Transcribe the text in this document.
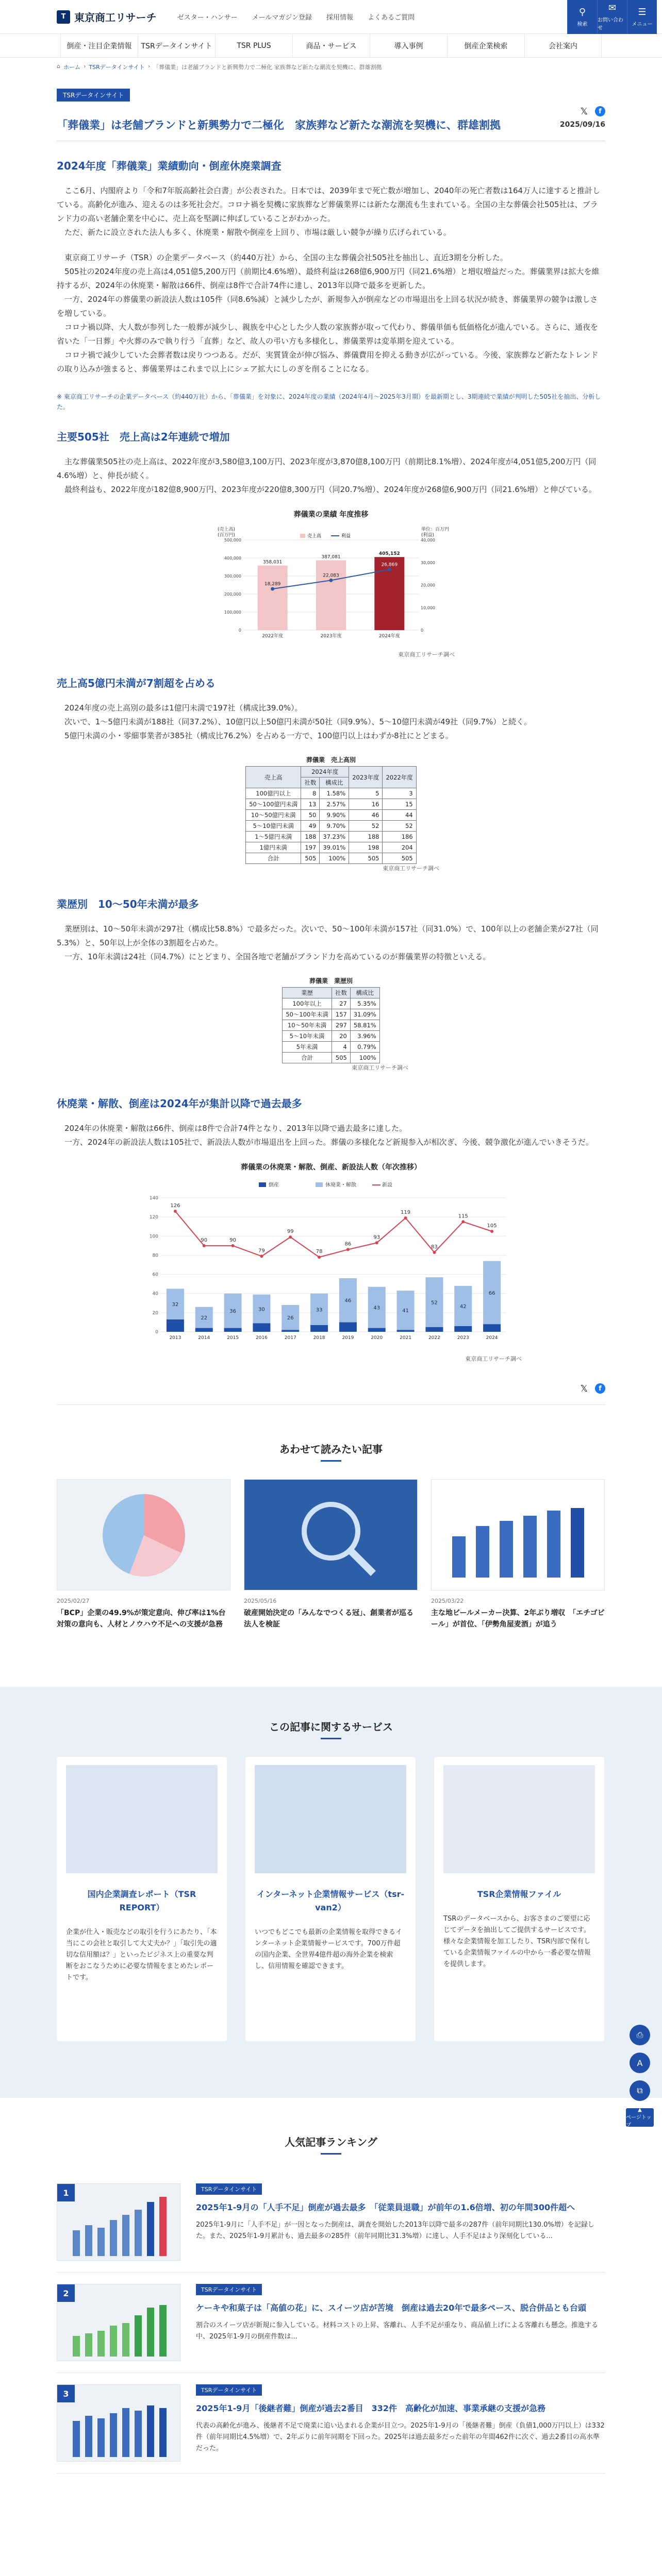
T 東京商工リサーチ	ゼスター・ハンサー メールマガジン登録 採用情報 よくあるご質問
⚲
検索
✉
お問い合わせ
☰
メニュー
倒産・注目企業情報	TSRデータインサイト	TSR PLUS	商品・サービス	導入事例	倒産企業検索	会社案内
⌂ ホーム › TSRデータインサイト › 「葬儀業」は老舗ブランドと新興勢力で二極化 家族葬など新たな潮流を契機に、群雄割拠
𝕏	f
TSRデータインサイト
「葬儀業」は老舗ブランドと新興勢力で二極化　家族葬など新たな潮流を契機に、群雄割拠	2025/09/16
2024年度「葬儀業」業績動向・倒産休廃業調査

　ここ6月、内閣府より「令和7年版高齢社会白書」が公表された。日本では、2039年まで死亡数が増加し、2040年の死亡者数は164万人に達すると推計している。高齢化が進み、迎えるのは多死社会だ。コロナ禍を契機に家族葬など葬儀業界には新たな潮流も生まれている。全国の主な葬儀会社505社は、ブランド力の高い老舗企業を中心に、売上高を堅調に伸ばしていることがわかった。

　ただ、新たに設立された法人も多く、休廃業・解散や倒産を上回り、市場は厳しい競争が繰り広げられている。

　東京商工リサーチ（TSR）の企業データベース（約440万社）から、全国の主な葬儀会社505社を抽出し、直近3期を分析した。

　505社の2024年度の売上高は4,051億5,200万円（前期比4.6%増）、最終利益は268億6,900万円（同21.6%増）と増収増益だった。葬儀業界は拡大を維持するが、2024年の休廃業・解散は66件、倒産は8件で合計74件に達し、2013年以降で最多を更新した。

　一方、2024年の葬儀業の新設法人数は105件（同8.6%減）と減少したが、新規参入が倒産などの市場退出を上回る状況が続き、葬儀業界の競争は激しさを増している。

　コロナ禍以降、大人数が参列した一般葬が減少し、親族を中心とした少人数の家族葬が取って代わり、葬儀単価も低価格化が進んでいる。さらに、通夜を省いた「一日葬」や火葬のみで執り行う「直葬」など、故人の弔い方も多様化し、葬儀業界は変革期を迎えている。

　コロナ禍で減少していた会葬者数は戻りつつある。だが、実質賃金が伸び悩み、葬儀費用を抑える動きが広がっている。今後、家族葬など新たなトレンドの取り込みが強まると、葬儀業界はこれまで以上にシェア拡大にしのぎを削ることになる。

※ 東京商工リサーチの企業データベース（約440万社）から、「葬儀業」を対象に、2024年度の業績（2024年4月〜2025年3月期）を最新期とし、3期連続で業績が判明した505社を抽出、分析した。

主要505社　売上高は2年連続で増加

　主な葬儀業505社の売上高は、2022年度が3,580億3,100万円、2023年度が3,870億8,100万円（前期比8.1%増）、2024年度が4,051億5,200万円（同4.6%増）と、伸長が続く。

　最終利益も、2022年度が182億8,900万円、2023年度が220億8,300万円（同20.7%増）、2024年度が268億6,900万円（同21.6%増）と伸びている。

葬儀業の業績 年度推移
(売上高)
(百万円)
単位：百万円
(利益)
0
100,000
200,000
300,000
400,000
500,000
0
10,000
20,000
30,000
40,000
売上高	利益
358,031
2022年度
387,081
2023年度
405,152
2024年度
18,289
22,083
26,869
東京商工リサーチ調べ
売上高5億円未満が7割超を占める

　2024年度の売上高別の最多は1億円未満で197社（構成比39.0%）。

　次いで、1〜5億円未満が188社（同37.2%）、10億円以上50億円未満が50社（同9.9%）、5〜10億円未満が49社（同9.7%）と続く。

　5億円未満の小・零細事業者が385社（構成比76.2%）を占める一方で、100億円以上はわずか8社にとどまる。

葬儀業　売上高別
売上高	2024年度		2023年度	2022年度
	社数	構成比		
100億円以上	8	1.58%	5	3
50〜100億円未満	13	2.57%	16	15
10〜50億円未満	50	9.90%	46	44
5〜10億円未満	49	9.70%	52	52
1〜5億円未満	188	37.23%	188	186
1億円未満	197	39.01%	198	204
合計	505	100%	505	505
東京商工リサーチ調べ
業歴別　10〜50年未満が最多

　業歴別は、10〜50年未満が297社（構成比58.8%）で最多だった。次いで、50〜100年未満が157社（同31.0%）で、100年以上の老舗企業が27社（同5.3%）と、50年以上が全体の3割超を占めた。

　一方、10年未満は24社（同4.7%）にとどまり、全国各地で老舗がブランド力を高めているのが葬儀業界の特徴といえる。

葬儀業　業歴別
業歴	社数	構成比
100年以上	27	5.35%
50〜100年未満	157	31.09%
10〜50年未満	297	58.81%
5〜10年未満	20	3.96%
5年未満	4	0.79%
合計	505	100%
東京商工リサーチ調べ
休廃業・解散、倒産は2024年が集計以降で過去最多

　2024年の休廃業・解散は66件、倒産は8件で合計74件となり、2013年以降で過去最多に達した。

　一方、2024年の新設法人数は105社で、新設法人数が市場退出を上回った。葬儀の多様化など新規参入が相次ぎ、今後、競争激化が進んでいきそうだ。

葬儀業の休廃業・解散、倒産、新設法人数（年次推移）
0
20
40
60
80
100
120
140
倒産	休廃業・解散	新設
32
2013
22
2014
36
2015
30
2016
26
2017
33
2018
46
2019
43
2020
41
2021
52
2022
42
2023
66
2024
126
90	90
79
99
78
86
93
119
83
115
105
東京商工リサーチ調べ
𝕏	f
⎙
A
⧉
▲
ページトップ
あわせて読みたい記事
2025/02/27
「BCP」企業の49.9%が策定意向、伸び率は1%台　対策の意向も、人材とノウハウ不足への支援が急務
2025/05/16
破産開始決定の「みんなでつくる冠」、創業者が巡る法人を検証
2025/03/22
主な地ビールメーカー決算、2年ぶり増収　「エチゴビール」が首位、「伊勢角屋麦酒」が追う
この記事に関するサービス
国内企業調査レポート（TSR REPORT）
企業が仕入・販売などの取引を行うにあたり、「本当にこの会社と取引して大丈夫か？」「取引先の適切な信用額は？」といったビジネス上の重要な判断をおこなうために必要な情報をまとめたレポートです。
インターネット企業情報サービス（tsr-van2）
いつでもどこでも最新の企業情報を取得できるインターネット企業情報サービスです。700万件超の国内企業、全世界4億件超の海外企業を検索し、信用情報を確認できます。
TSR企業情報ファイル
TSRのデータベースから、お客さまのご要望に応じてデータを抽出してご提供するサービスです。様々な企業情報を加工したり、TSR内部で保有している企業情報ファイルの中から一番必要な情報を提供します。
人気記事ランキング
1	TSRデータインサイト
2025年1-9月の「人手不足」倒産が過去最多　「従業員退職」が前年の1.6倍増、初の年間300件超へ
2025年1-9月に「人手不足」が一因となった倒産は、調査を開始した2013年以降で最多の287件（前年同期比130.0%増）を記録した。また、2025年1-9月累計も、過去最多の285件（前年同期比31.3%増）に達し、人手不足はより深刻化している...
2	TSRデータインサイト
ケーキや和菓子は「高値の花」に、スイーツ店が苦境　倒産は過去20年で最多ペース、脱合併品とも台頭
割合のスイーツ店が新規に参入している。材料コストの上昇、客離れ、人手不足が重なり、商品値上げによる客離れも懸念。推進する中、2025年1-9月の倒産件数は...
3	TSRデータインサイト
2025年1-9月「後継者難」倒産が過去2番目　332件　高齢化が加速、事業承継の支援が急務
代表の高齢化が進み、後継者不足で廃業に追い込まれる企業が目立つ。2025年1-9月の「後継者難」倒産（負債1,000万円以上）は332件（前年同期比4.5%増）で、2年ぶりに前年同期を下回った。2025年は過去最多だった前年の年間462件に次ぐ、過去2番目の高水準だった。
